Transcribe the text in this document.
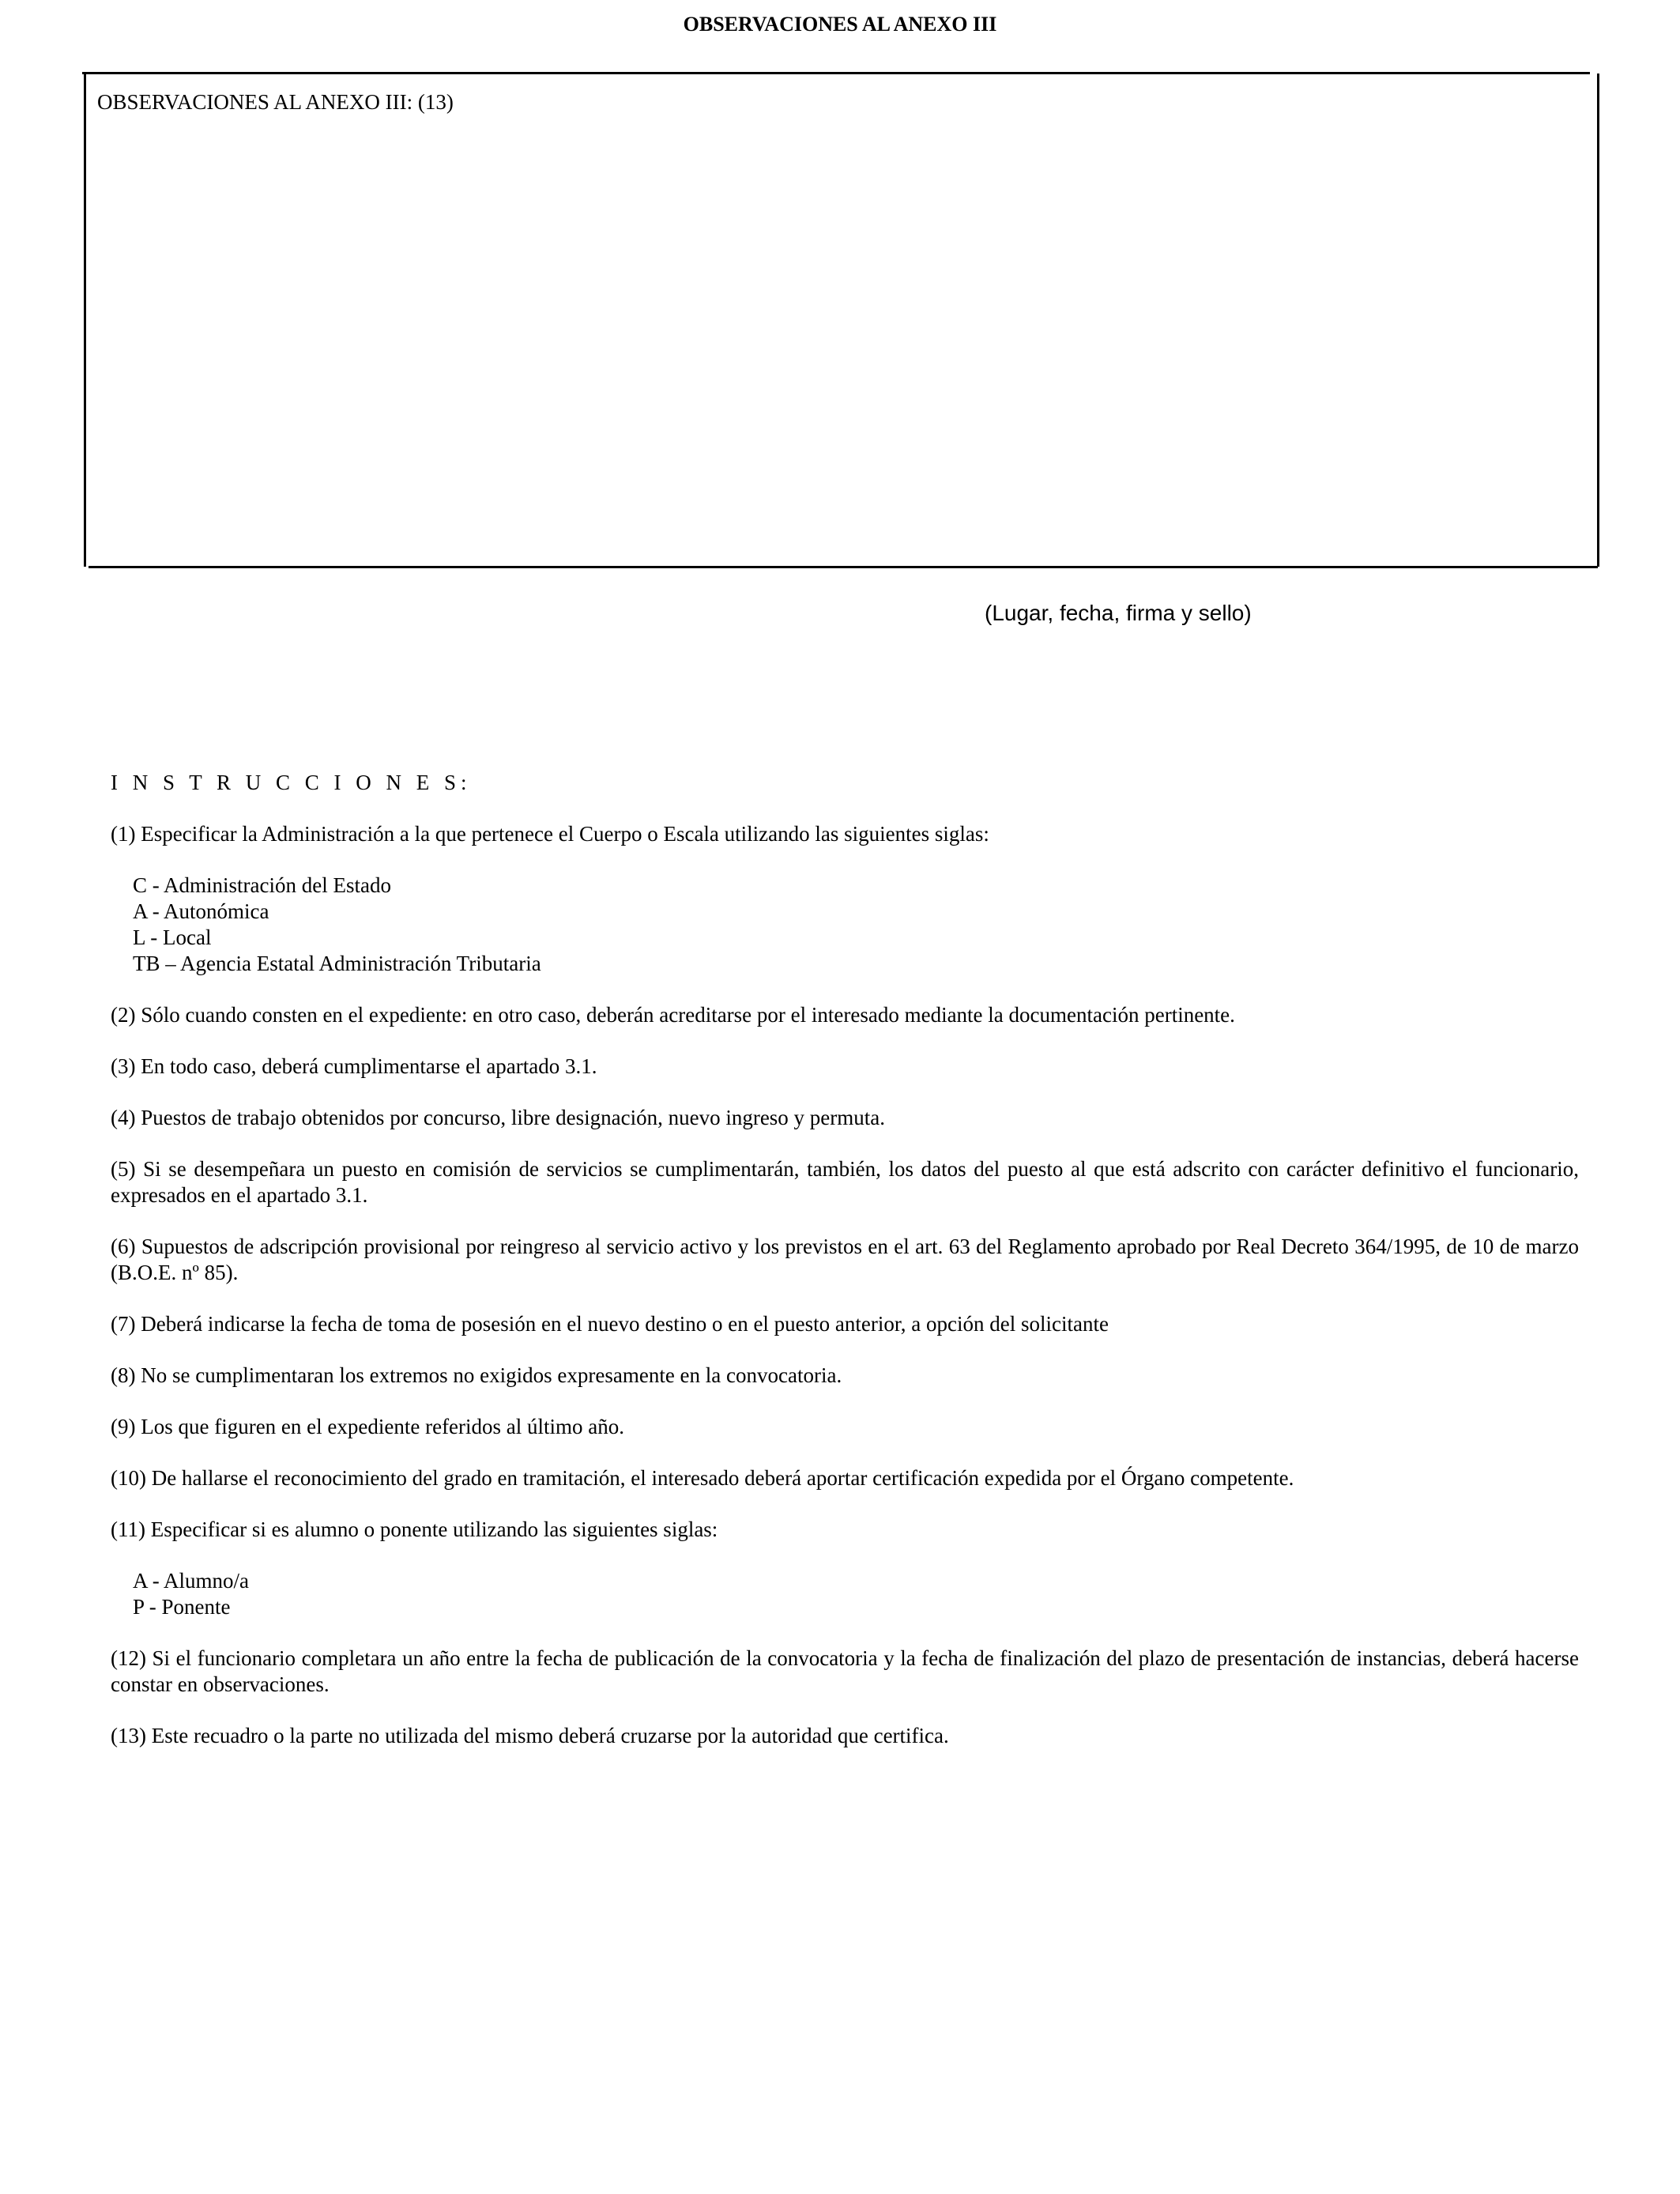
OBSERVACIONES AL ANEXO III
OBSERVACIONES AL ANEXO III: (13)
(Lugar, fecha, firma y sello)
I N S T R U C C I O N E S:
(1) Especificar la Administración a la que pertenece el Cuerpo o Escala utilizando las siguientes siglas:
C - Administración del Estado
A - Autonómica
L - Local
TB – Agencia Estatal Administración Tributaria
(2) Sólo cuando consten en el expediente: en otro caso, deberán acreditarse por el interesado mediante la documentación pertinente.
(3) En todo caso, deberá cumplimentarse el apartado 3.1.
(4) Puestos de trabajo obtenidos por concurso, libre designación, nuevo ingreso y permuta.
(5) Si se desempeñara un puesto en comisión de servicios se cumplimentarán, también, los datos del puesto al que está adscrito con carácter definitivo el funcionario, expresados en el apartado 3.1.
(6) Supuestos de adscripción provisional por reingreso al servicio activo y los previstos en el art. 63 del Reglamento aprobado por Real Decreto 364/1995, de 10 de marzo (B.O.E. nº 85).
(7) Deberá indicarse la fecha de toma de posesión en el nuevo destino o en el puesto anterior, a opción del solicitante
(8) No se cumplimentaran los extremos no exigidos expresamente en la convocatoria.
(9) Los que figuren en el expediente referidos al último año.
(10) De hallarse el reconocimiento del grado en tramitación, el interesado deberá aportar certificación expedida por el Órgano competente.
(11) Especificar si es alumno o ponente utilizando las siguientes siglas:
A - Alumno/a
P - Ponente
(12) Si el funcionario completara un año entre la fecha de publicación de la convocatoria y la fecha de finalización del plazo de presentación de instancias, deberá hacerse constar en observaciones.
(13) Este recuadro o la parte no utilizada del mismo deberá cruzarse por la autoridad que certifica.
